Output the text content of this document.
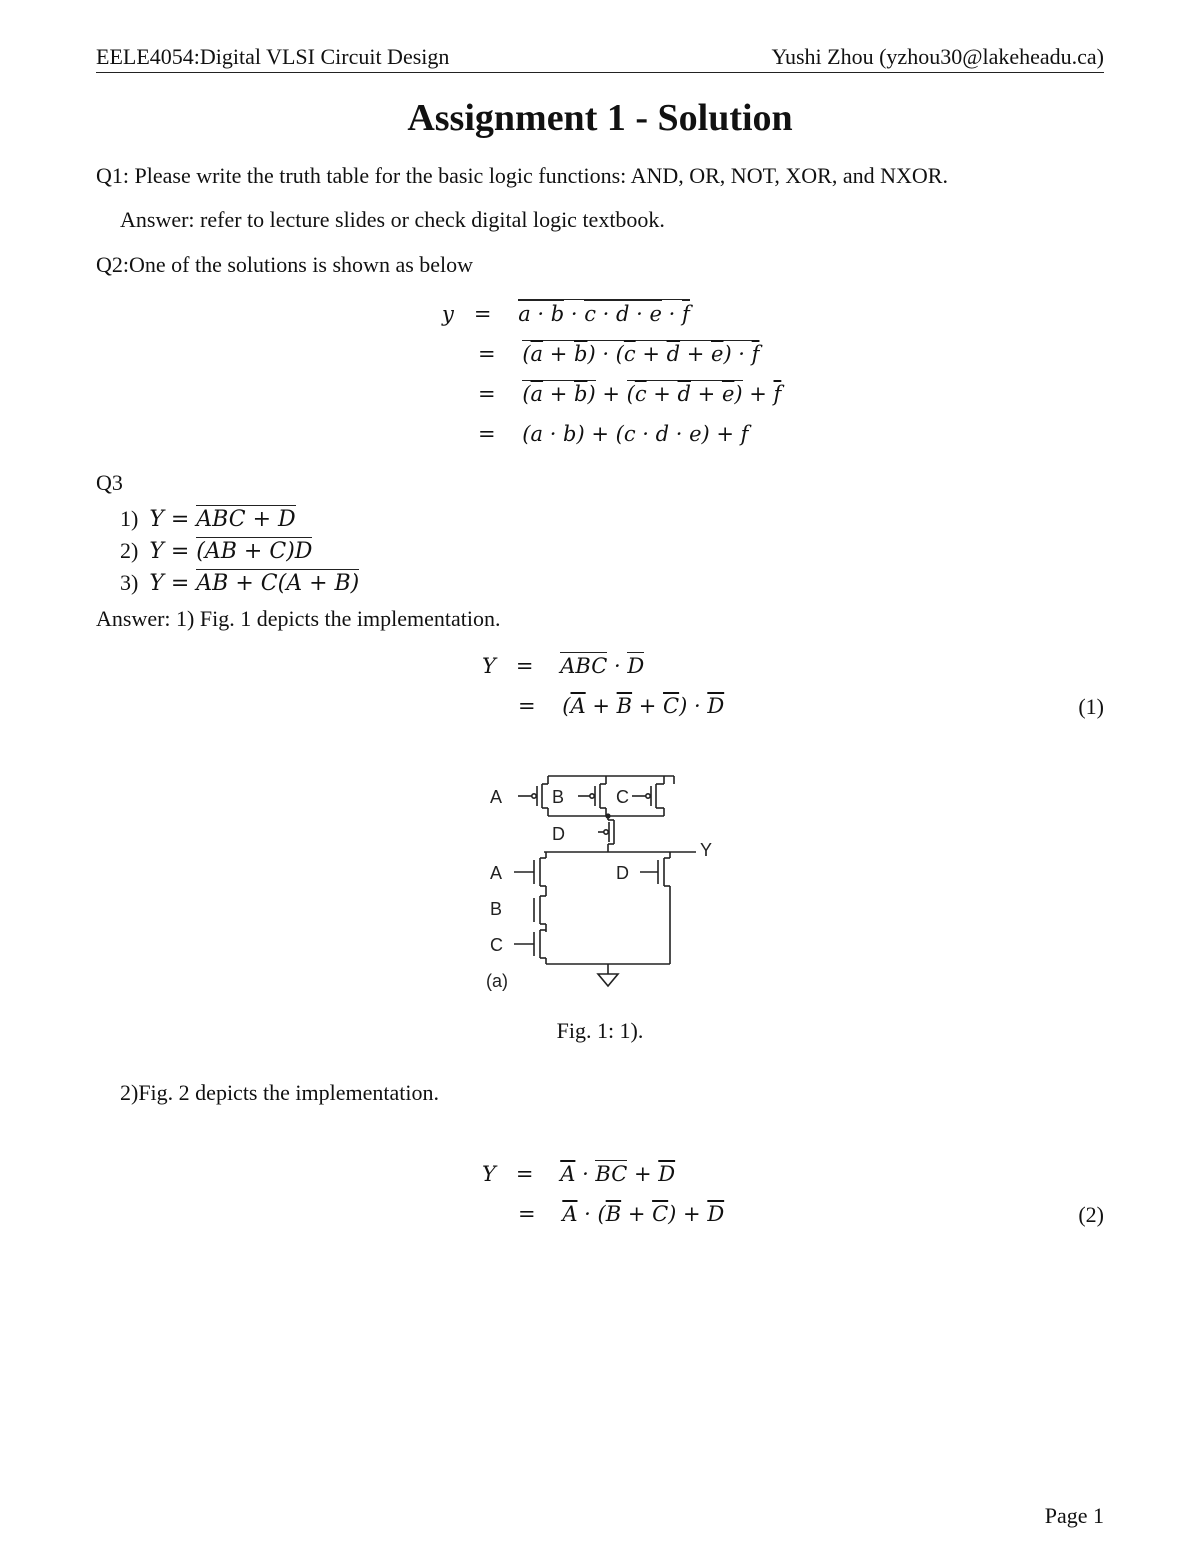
EELE4054:Digital VLSI Circuit Design	Yushi Zhou (yzhou30@lakeheadu.ca)
Assignment 1 - Solution
Q1: Please write the truth table for the basic logic functions: AND, OR, NOT, XOR, and NXOR.
Answer: refer to lecture slides or check digital logic textbook.
Q2:One of the solutions is shown as below
y = a · b · c · d · e · f
= $(\overline{a} + \overline{b}) \cdot (\overline{c} + \overline{d} + \overline{e}) \cdot \overline{f}$
= $(\overline{a} + \overline{b}) + (\overline{c} + \overline{d} + \overline{e}) + \overline{f}$
=    (a · b) + (c · d · e) + f
Q3
1) Y = ABC + D
2) Y = (AB + C)D
3) Y = AB + C(A + B)
Answer: 1) Fig. 1 depicts the implementation.
Y = ABC · D
=    $(\overline{A} + \overline{B} + \overline{C}) \cdot \overline{D}$	(1)
A	B	C
D
Y
A
B
C
D
(a)
Fig. 1: 1).
2)Fig. 2 depicts the implementation.
$Y = \overline{A}$ · BC + $\overline{D}$
= $\overline{A} \cdot (\overline{B} + \overline{C}) + \overline{D}$	(2)
Page 1
